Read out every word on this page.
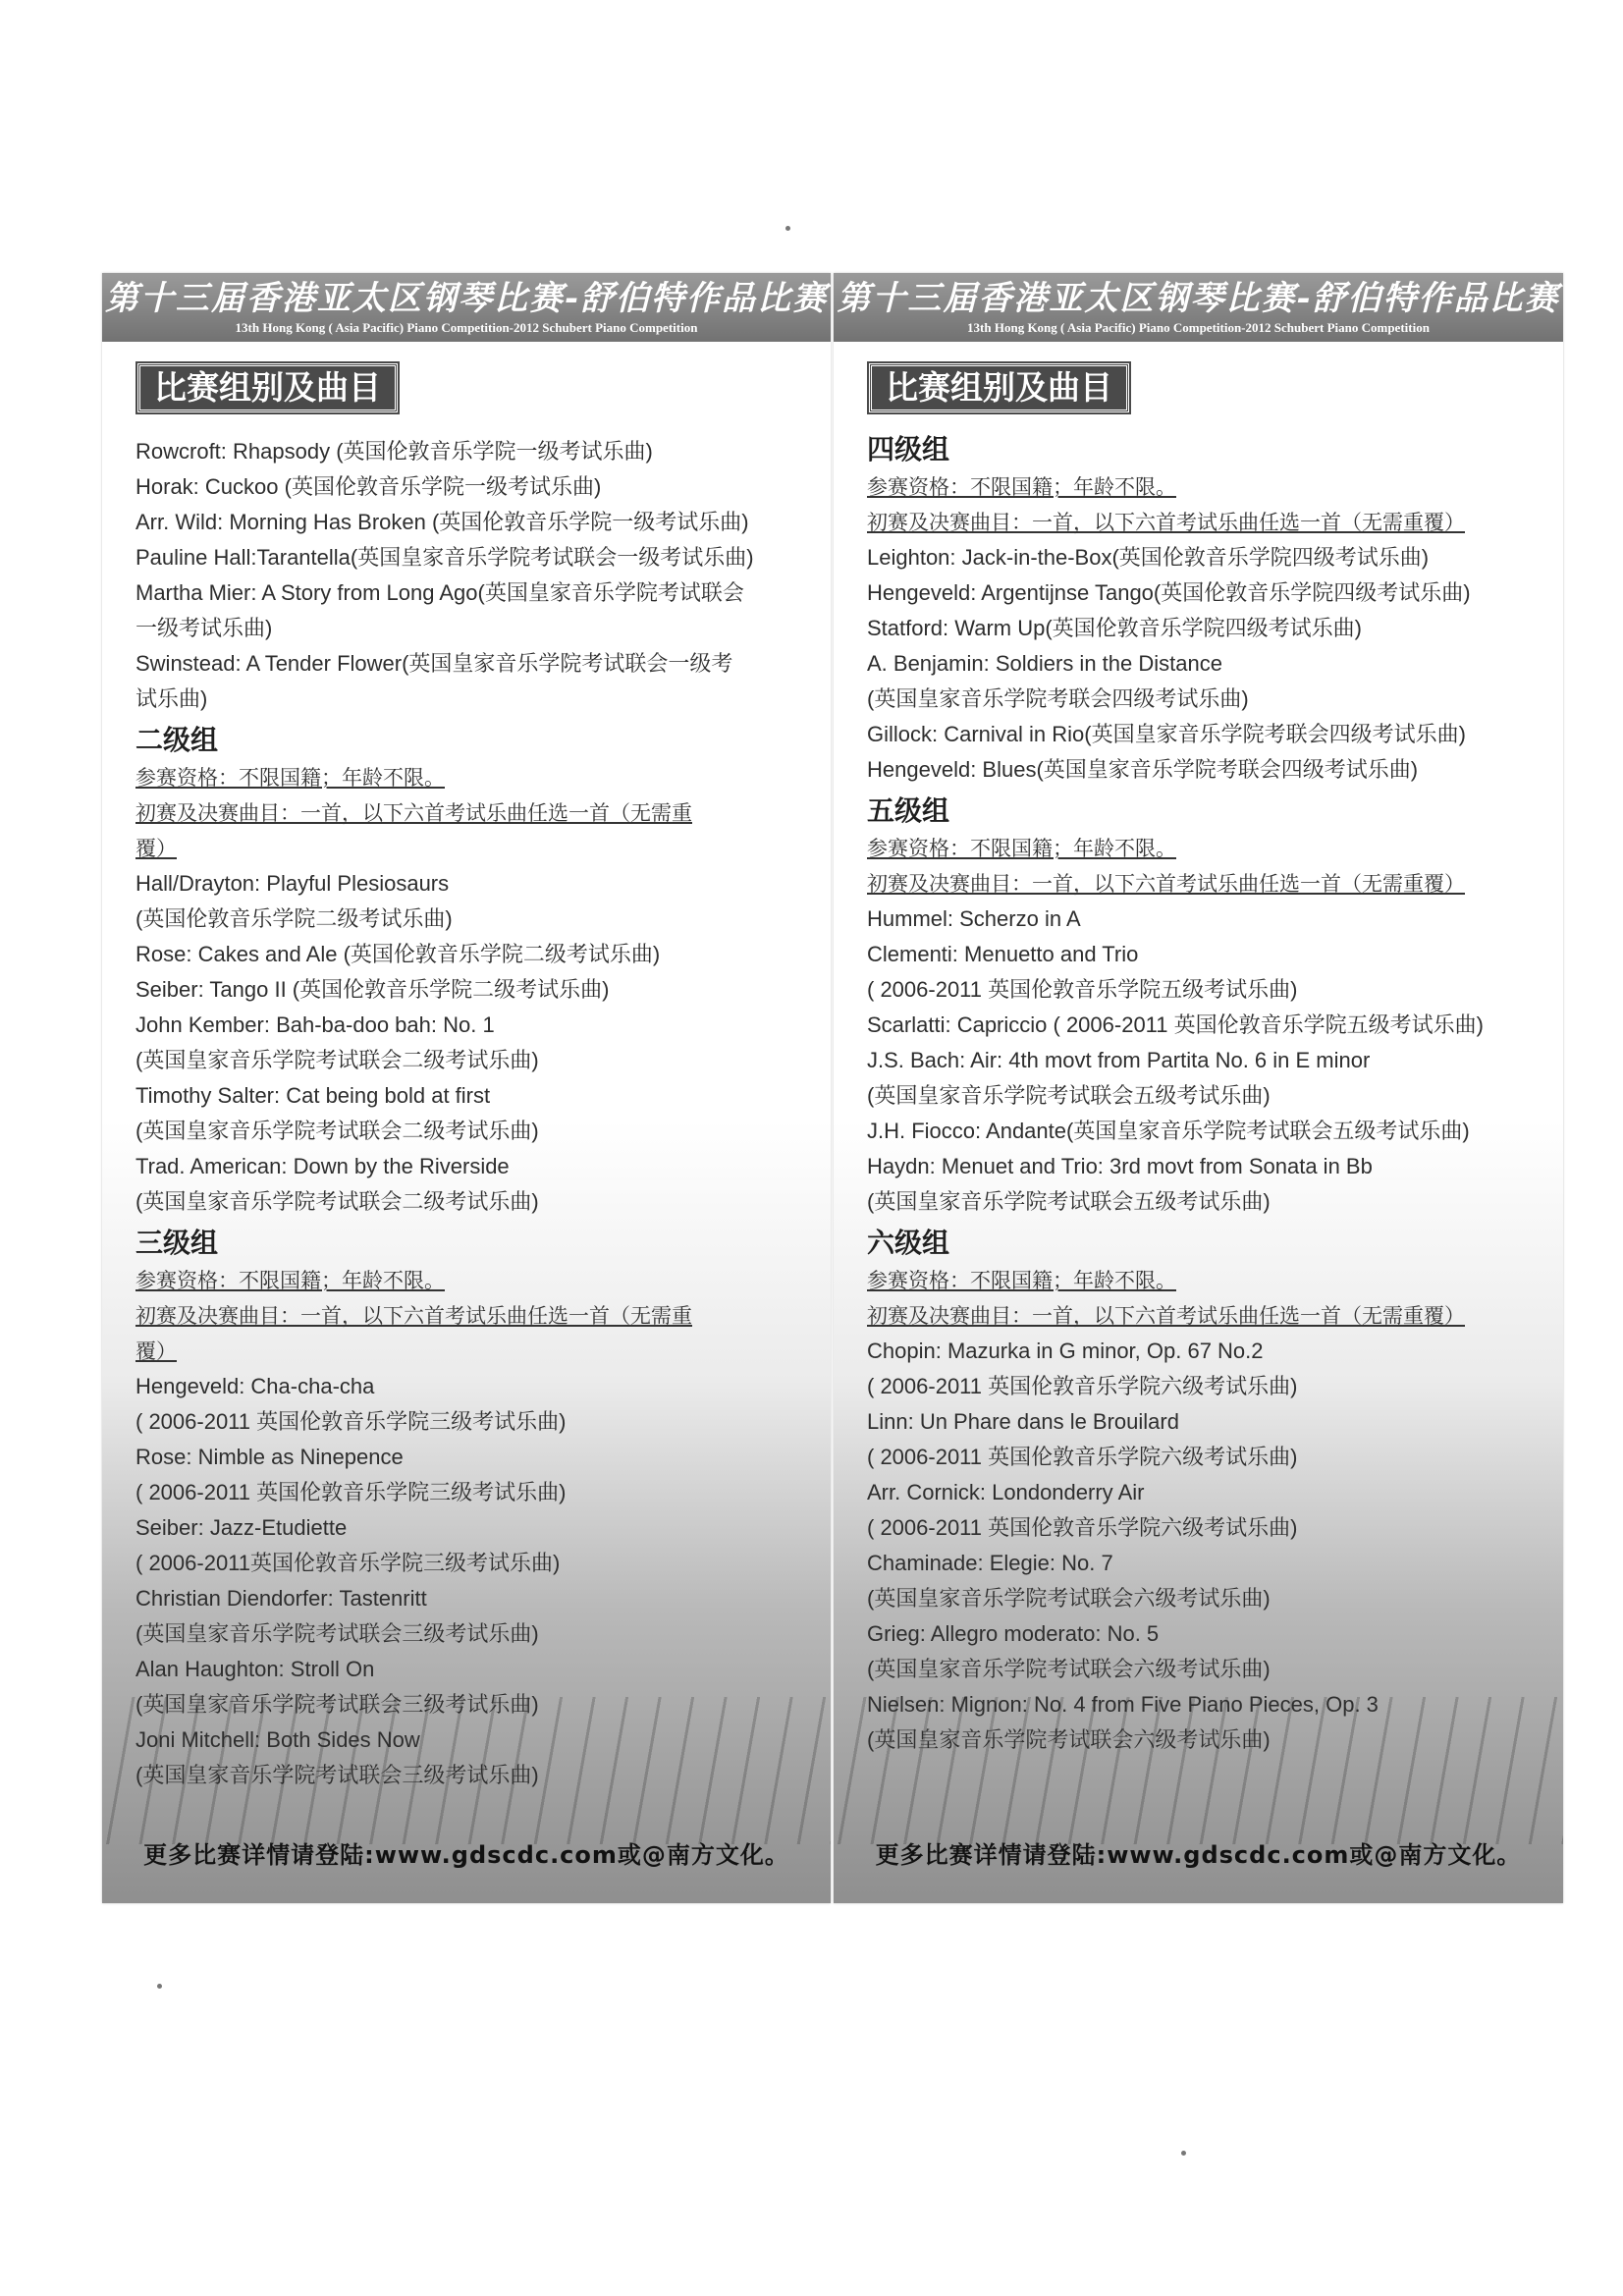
第十三届香港亚太区钢琴比赛-舒伯特作品比赛
13th Hong Kong ( Asia Pacific) Piano Competition-2012 Schubert Piano Competition
比赛组别及曲目
Rowcroft: Rhapsody (英国伦敦音乐学院一级考试乐曲)
Horak: Cuckoo (英国伦敦音乐学院一级考试乐曲)
Arr. Wild: Morning Has Broken (英国伦敦音乐学院一级考试乐曲)
Pauline Hall:Tarantella(英国皇家音乐学院考试联会一级考试乐曲)
Martha Mier: A Story from Long Ago(英国皇家音乐学院考试联会
一级考试乐曲)
Swinstead: A Tender Flower(英国皇家音乐学院考试联会一级考
试乐曲)
二级组
参赛资格：不限国籍；年龄不限。
初赛及决赛曲目：一首，以下六首考试乐曲任选一首（无需重
覆）
Hall/Drayton: Playful Plesiosaurs
(英国伦敦音乐学院二级考试乐曲)
Rose: Cakes and Ale (英国伦敦音乐学院二级考试乐曲)
Seiber: Tango II (英国伦敦音乐学院二级考试乐曲)
John Kember: Bah-ba-doo bah: No. 1
(英国皇家音乐学院考试联会二级考试乐曲)
Timothy Salter: Cat being bold at first
(英国皇家音乐学院考试联会二级考试乐曲)
Trad. American: Down by the Riverside
(英国皇家音乐学院考试联会二级考试乐曲)
三级组
参赛资格：不限国籍；年龄不限。
初赛及决赛曲目：一首，以下六首考试乐曲任选一首（无需重
覆）
Hengeveld: Cha-cha-cha
( 2006-2011 英国伦敦音乐学院三级考试乐曲)
Rose: Nimble as Ninepence
( 2006-2011 英国伦敦音乐学院三级考试乐曲)
Seiber: Jazz-Etudiette
( 2006-2011英国伦敦音乐学院三级考试乐曲)
Christian Diendorfer: Tastenritt
(英国皇家音乐学院考试联会三级考试乐曲)
Alan Haughton: Stroll On
(英国皇家音乐学院考试联会三级考试乐曲)
Joni Mitchell: Both Sides Now
(英国皇家音乐学院考试联会三级考试乐曲)
更多比赛详情请登陆:www.gdscdc.com或@南方文化。
第十三届香港亚太区钢琴比赛-舒伯特作品比赛
13th Hong Kong ( Asia Pacific) Piano Competition-2012 Schubert Piano Competition
比赛组别及曲目
四级组
参赛资格：不限国籍；年龄不限。
初赛及决赛曲目：一首，以下六首考试乐曲任选一首（无需重覆）
Leighton: Jack-in-the-Box(英国伦敦音乐学院四级考试乐曲)
Hengeveld: Argentijnse Tango(英国伦敦音乐学院四级考试乐曲)
Statford: Warm Up(英国伦敦音乐学院四级考试乐曲)
A. Benjamin: Soldiers in the Distance
(英国皇家音乐学院考联会四级考试乐曲)
Gillock: Carnival in Rio(英国皇家音乐学院考联会四级考试乐曲)
Hengeveld: Blues(英国皇家音乐学院考联会四级考试乐曲)
五级组
参赛资格：不限国籍；年龄不限。
初赛及决赛曲目：一首，以下六首考试乐曲任选一首（无需重覆）
Hummel: Scherzo in A
Clementi: Menuetto and Trio
( 2006-2011 英国伦敦音乐学院五级考试乐曲)
Scarlatti: Capriccio ( 2006-2011 英国伦敦音乐学院五级考试乐曲)
J.S. Bach: Air: 4th movt from Partita No. 6 in E minor
(英国皇家音乐学院考试联会五级考试乐曲)
J.H. Fiocco: Andante(英国皇家音乐学院考试联会五级考试乐曲)
Haydn: Menuet and Trio: 3rd movt from Sonata in Bb
(英国皇家音乐学院考试联会五级考试乐曲)
六级组
参赛资格：不限国籍；年龄不限。
初赛及决赛曲目：一首，以下六首考试乐曲任选一首（无需重覆）
Chopin: Mazurka in G minor, Op. 67 No.2
( 2006-2011 英国伦敦音乐学院六级考试乐曲)
Linn: Un Phare dans le Brouilard
( 2006-2011 英国伦敦音乐学院六级考试乐曲)
Arr. Cornick: Londonderry Air
( 2006-2011 英国伦敦音乐学院六级考试乐曲)
Chaminade: Elegie: No. 7
(英国皇家音乐学院考试联会六级考试乐曲)
Grieg: Allegro moderato: No. 5
(英国皇家音乐学院考试联会六级考试乐曲)
Nielsen: Mignon: No. 4 from Five Piano Pieces, Op. 3
(英国皇家音乐学院考试联会六级考试乐曲)
更多比赛详情请登陆:www.gdscdc.com或@南方文化。
